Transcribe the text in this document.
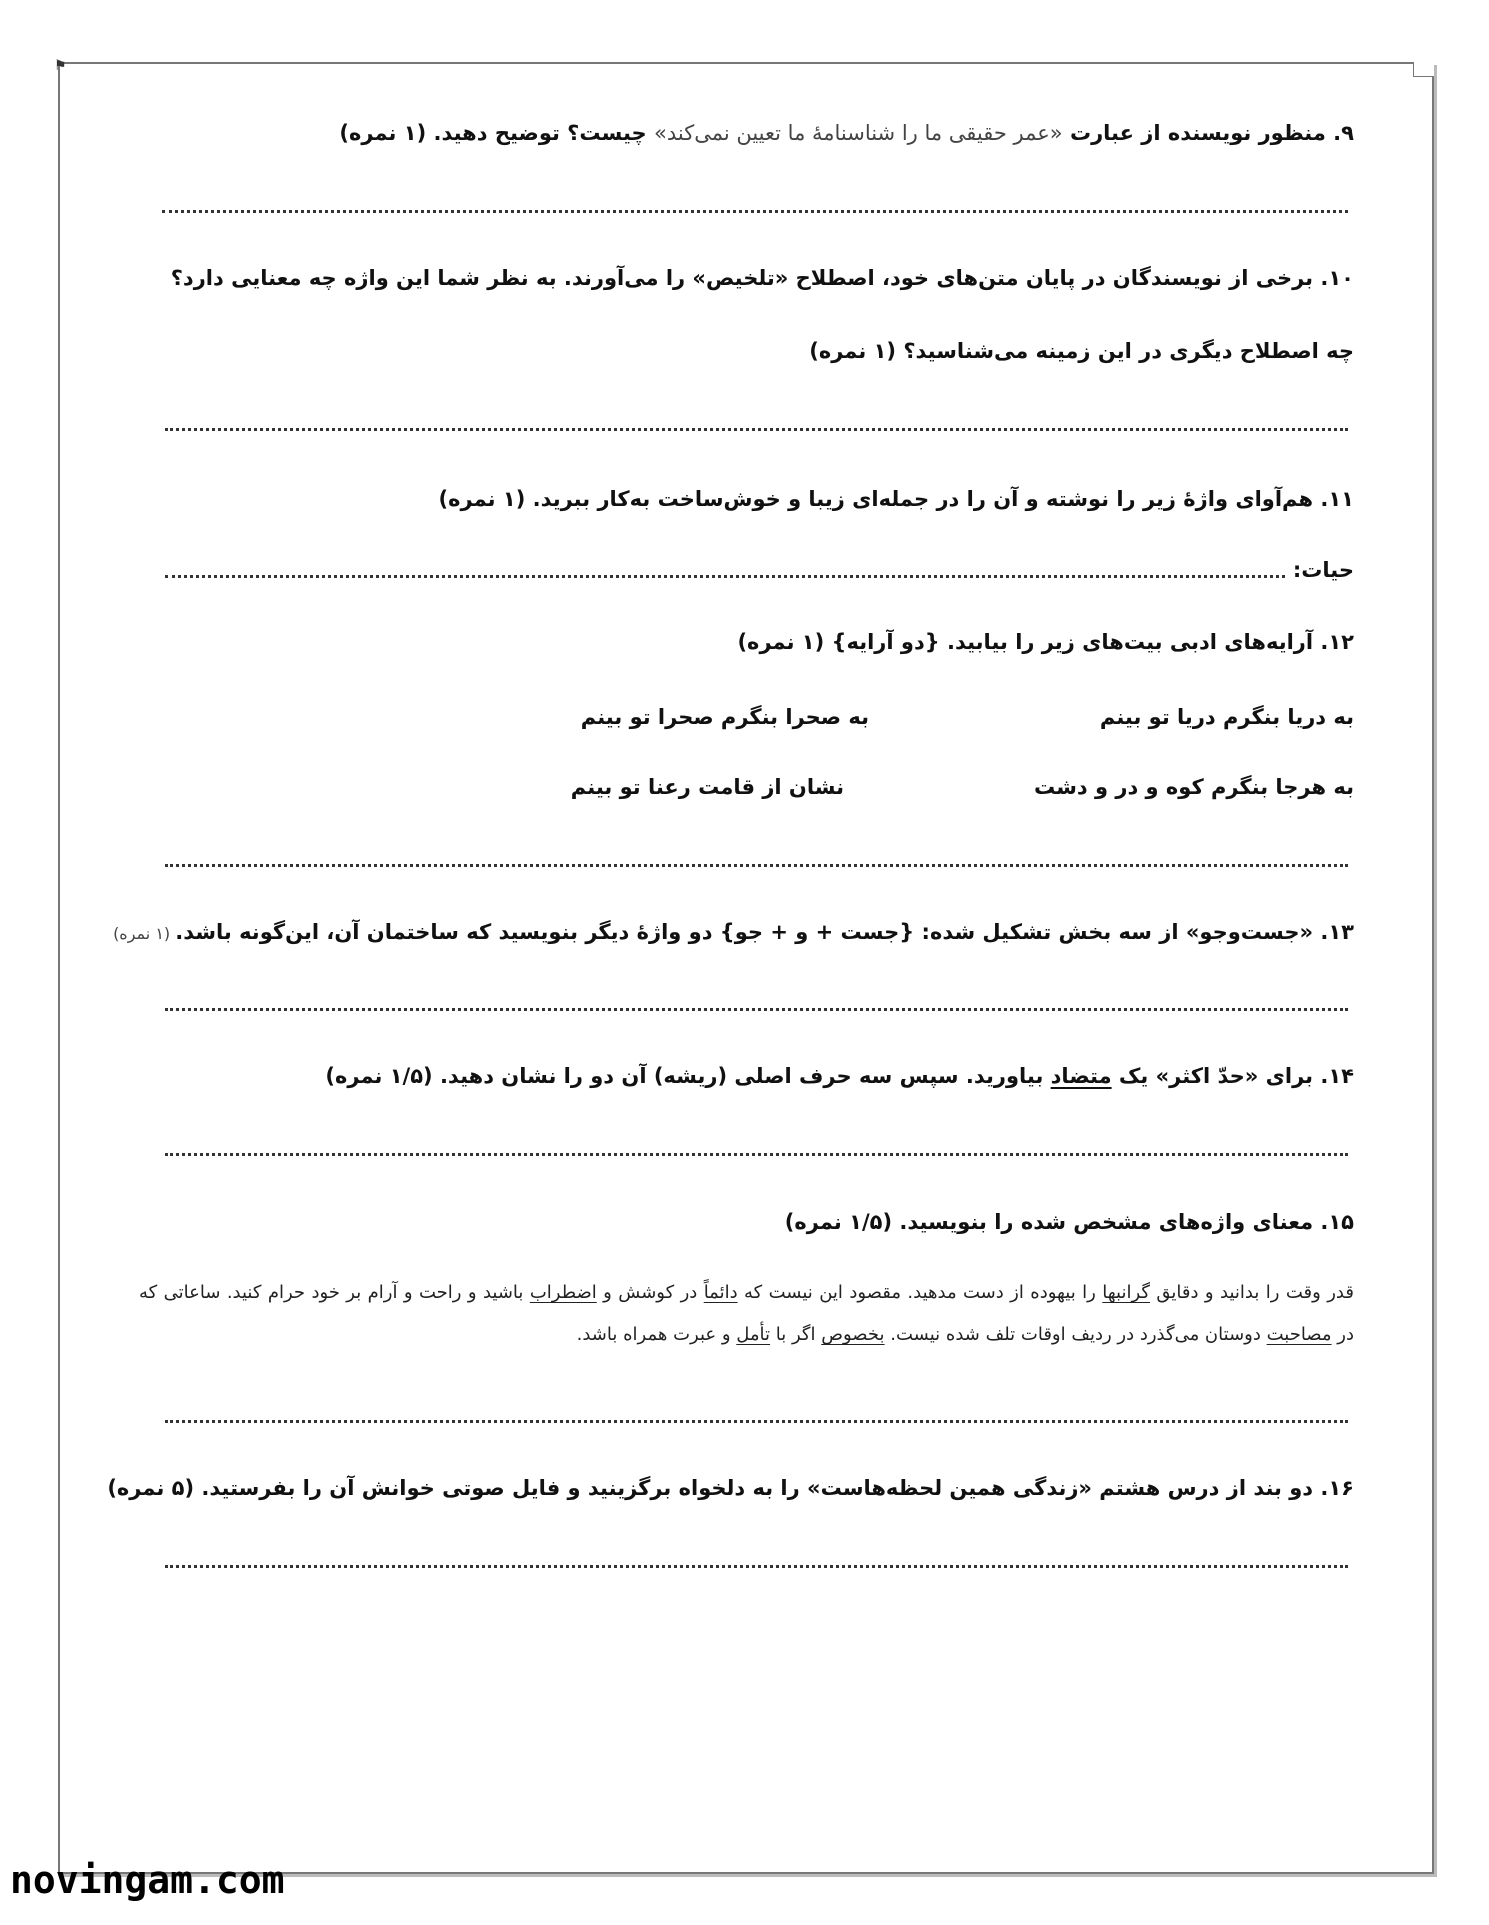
⚑
۹. منظور نویسنده از عبارت «عمر حقیقی ما را شناسنامهٔ ما تعیین نمی‌کند» چیست؟ توضیح دهید. (۱ نمره)
۱۰. برخی از نویسندگان در پایان متن‌های خود، اصطلاح «تلخیص» را می‌آورند. به نظر شما این واژه چه معنایی دارد؟
چه اصطلاح دیگری در این زمینه می‌شناسید؟ (۱ نمره)
۱۱. هم‌آوای واژهٔ زیر را نوشته و آن را در جمله‌ای زیبا و خوش‌ساخت به‌کار ببرید. (۱ نمره)
حیات:
۱۲. آرایه‌های ادبی بیت‌های زیر را بیابید. {دو آرایه} (۱ نمره)
به دریا بنگرم دریا تو بینم
به صحرا بنگرم صحرا تو بینم
به هرجا بنگرم کوه و در و دشت
نشان از قامت رعنا تو بینم
۱۳. «جست‌وجو» از سه بخش تشکیل شده: {جست + و + جو} دو واژهٔ دیگر بنویسید که ساختمان آن، این‌گونه باشد. (۱ نمره)
۱۴. برای «حدّ اکثر» یک متضاد بیاورید. سپس سه حرف اصلی (ریشه) آن دو را نشان دهید. (۱/۵ نمره)
۱۵. معنای واژه‌های مشخص شده را بنویسید. (۱/۵ نمره)
قدر وقت را بدانید و دقایق گرانبها را بیهوده از دست مدهید. مقصود این نیست که دائماً در کوشش و اضطراب باشید و راحت و آرام بر خود حرام کنید. ساعاتی که در مصاحبت دوستان می‌گذرد در ردیف اوقات تلف شده نیست. بخصوص اگر با تأمل و عبرت همراه باشد.
۱۶. دو بند از درس هشتم «زندگی همین لحظه‌هاست» را به دلخواه برگزینید و فایل صوتی خوانش آن را بفرستید. (۵ نمره)
novingam.com
